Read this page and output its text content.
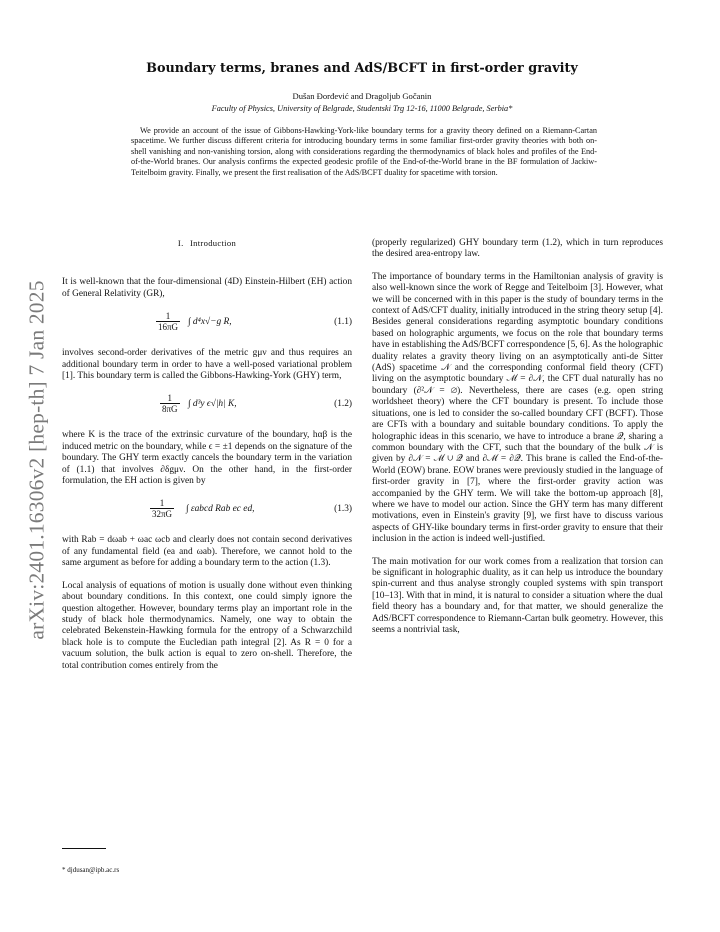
arXiv:2401.16306v2 [hep-th] 7 Jan 2025
Boundary terms, branes and AdS/BCFT in first-order gravity
Dušan Đorđević and Dragoljub Gočanin
Faculty of Physics, University of Belgrade, Studentski Trg 12-16, 11000 Belgrade, Serbia*
We provide an account of the issue of Gibbons-Hawking-York-like boundary terms for a gravity theory defined on a Riemann-Cartan spacetime. We further discuss different criteria for introducing boundary terms in some familiar first-order gravity theories with both on-shell vanishing and non-vanishing torsion, along with considerations regarding the thermodynamics of black holes and profiles of the End-of-the-World branes. Our analysis confirms the expected geodesic profile of the End-of-the-World brane in the BF formulation of Jackiw-Teitelboim gravity. Finally, we present the first realisation of the AdS/BCFT duality for spacetime with torsion.
I. Introduction

It is well-known that the four-dimensional (4D) Einstein-Hilbert (EH) action of General Relativity (GR),

$\frac{1}{16\pi G}$ ∫ d⁴x√−g R,	(1.1)

involves second-order derivatives of the metric gμν and thus requires an additional boundary term in order to have a well-posed variational problem [1]. This boundary term is called the Gibbons-Hawking-York (GHY) term,

$\frac{1}{8\pi G}$ ∫ d³y ϵ√|h| K,	(1.2)

where K is the trace of the extrinsic curvature of the boundary, hαβ is the induced metric on the boundary, while ϵ = ±1 depends on the signature of the boundary. The GHY term exactly cancels the boundary term in the variation of (1.1) that involves ∂δgμν. On the other hand, in the first-order formulation, the EH action is given by

$\frac{1}{32\pi G}$ ∫ εabcd Rab ec ed,	(1.3)

with Rab = dωab + ωac ωcb and clearly does not contain second derivatives of any fundamental field (ea and ωab). Therefore, we cannot hold to the same argument as before for adding a boundary term to the action (1.3).

Local analysis of equations of motion is usually done without even thinking about boundary conditions. In this context, one could simply ignore the question altogether. However, boundary terms play an important role in the study of black hole thermodynamics. Namely, one way to obtain the celebrated Bekenstein-Hawking formula for the entropy of a Schwarzchild black hole is to compute the Eucledian path integral [2]. As R = 0 for a vacuum solution, the bulk action is equal to zero on-shell. Therefore, the total contribution comes entirely from the

(properly regularized) GHY boundary term (1.2), which in turn reproduces the desired area-entropy law.

The importance of boundary terms in the Hamiltonian analysis of gravity is also well-known since the work of Regge and Teitelboim [3]. However, what we will be concerned with in this paper is the study of boundary terms in the context of AdS/CFT duality, initially introduced in the string theory setup [4]. Besides general considerations regarding asymptotic boundary conditions based on holographic arguments, we focus on the role that boundary terms have in establishing the AdS/BCFT correspondence [5, 6]. As the holographic duality relates a gravity theory living on an asymptotically anti-de Sitter (AdS) spacetime 𝒩 and the corresponding conformal field theory (CFT) living on the asymptotic boundary ℳ = ∂𝒩, the CFT dual naturally has no boundary (∂²𝒩 = ∅). Nevertheless, there are cases (e.g. open string worldsheet theory) where the CFT boundary is present. To include those situations, one is led to consider the so-called boundary CFT (BCFT). Those are CFTs with a boundary and suitable boundary conditions. To apply the holographic ideas in this scenario, we have to introduce a brane 𝒬, sharing a common boundary with the CFT, such that the boundary of the bulk 𝒩 is given by ∂𝒩 = ℳ ∪ 𝒬 and ∂ℳ = ∂𝒬. This brane is called the End-of-the-World (EOW) brane. EOW branes were previously studied in the language of first-order gravity in [7], where the first-order gravity action was accompanied by the GHY term. We will take the bottom-up approach [8], where we have to model our action. Since the GHY term has many different motivations, even in Einstein's gravity [9], we first have to discuss various aspects of GHY-like boundary terms in first-order gravity to ensure that their inclusion in the action is indeed well-justified.

The main motivation for our work comes from a realization that torsion can be significant in holographic duality, as it can help us introduce the boundary spin-current and thus analyse strongly coupled systems with spin transport [10–13]. With that in mind, it is natural to consider a situation where the dual field theory has a boundary and, for that matter, we should generalize the AdS/BCFT correspondence to Riemann-Cartan bulk geometry. However, this seems a nontrivial task,

* djdusan@ipb.ac.rs
